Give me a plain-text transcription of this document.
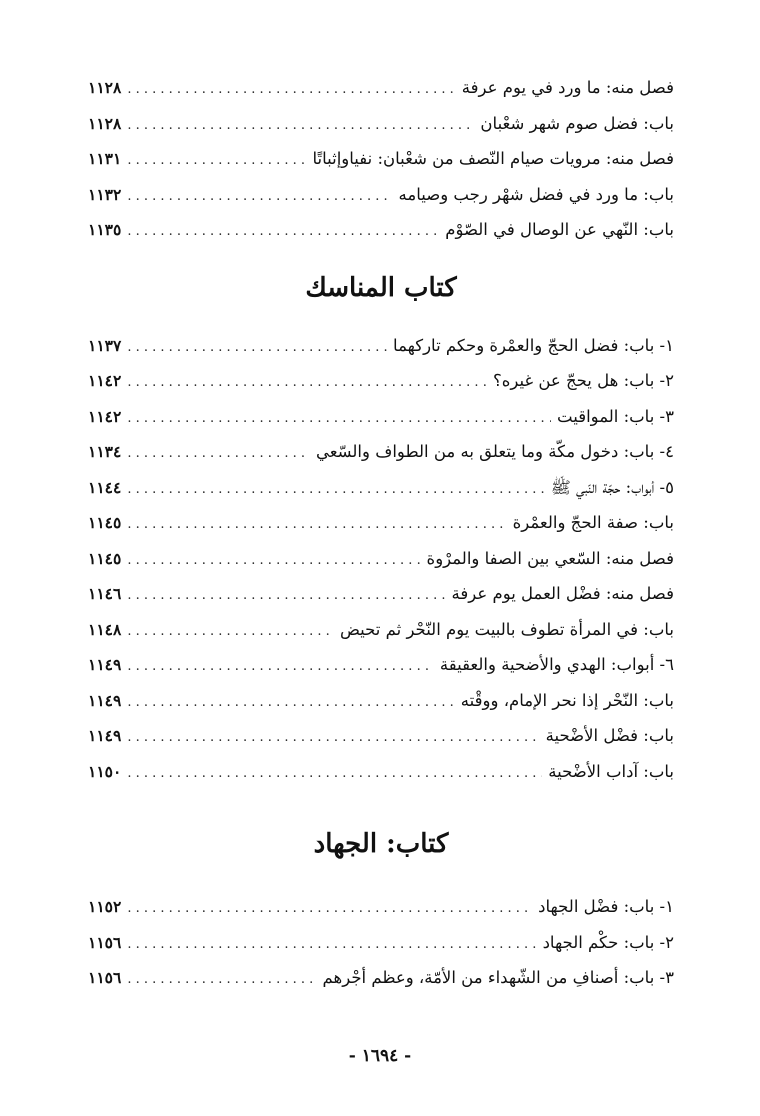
فصل منه: ما ورد في يوم عرفة
. . .
١١٢٨
باب: فضل صوم شهر شعْبان
. . .
١١٢٨
فصل منه: مرويات صيام النّصف من شعْبان: نفياوإثباتًا
. . .
١١٣١
باب: ما ورد في فضل شهْر رجب وصيامه
. . .
١١٣٢
باب: النّهي عن الوصال في الصّوْم
. . .
١١٣٥
كتاب المناسك
١- باب: فضل الحجّ والعمْرة وحكم تاركهما
. . .
١١٣٧
٢- باب: هل يحجّ عن غيره؟
. . .
١١٤٢
٣- باب: المواقيت
. . .
١١٤٢
٤- باب: دخول مكّة وما يتعلق به من الطواف والسّعي
. . .
١١٣٤
٥- أبواب: حجّة النّبي ﷺ
. . .
١١٤٤
باب: صفة الحجّ والعمْرة
. . .
١١٤٥
فصل منه: السّعي بين الصفا والمرْوة
. . .
١١٤٥
فصل منه: فضْل العمل يوم عرفة
. . .
١١٤٦
باب: في المرأة تطوف بالبيت يوم النّحْر ثم تحيض
. . .
١١٤٨
٦- أبواب: الهدي والأضحية والعقيقة
. . .
١١٤٩
باب: النّحْر إذا نحر الإمام، ووقْته
. . .
١١٤٩
باب: فضْل الأضْحية
. . .
١١٤٩
باب: آداب الأضْحية
. . .
١١٥٠
كتاب: الجهاد
١- باب: فضْل الجهاد
. . .
١١٥٢
٢- باب: حكْم الجهاد
. . .
١١٥٦
٣- باب: أصنافِ من الشّهداء من الأمّة، وعظم أجْرهم
. . .
١١٥٦
- ١٦٩٤ -
